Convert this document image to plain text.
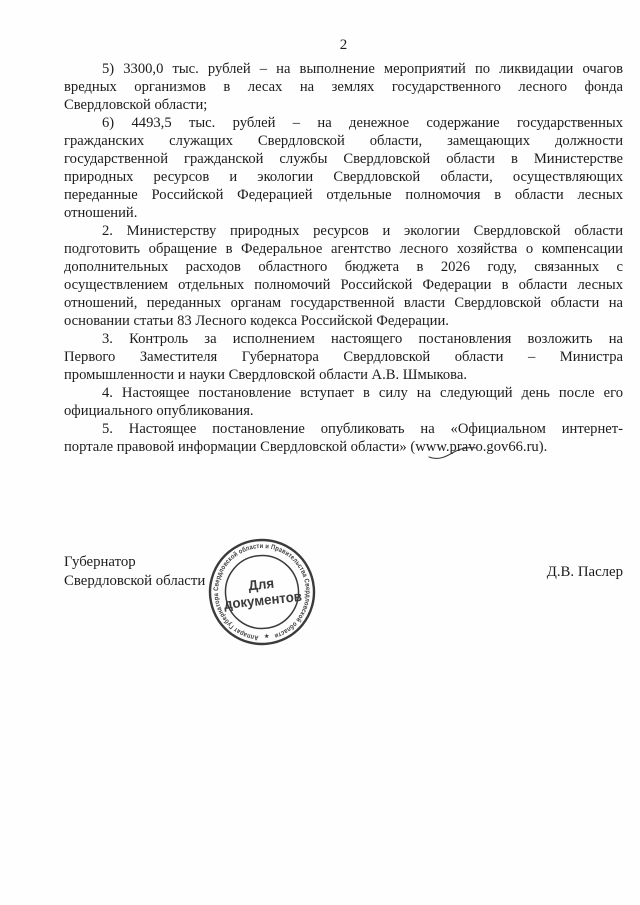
2
5) 3300,0 тыс. рублей – на выполнение мероприятий по ликвидации очагов
вредных организмов в лесах на землях государственного лесного фонда
Свердловской области;
6) 4493,5 тыс. рублей – на денежное содержание государственных
гражданских служащих Свердловской области, замещающих должности
государственной гражданской службы Свердловской области в Министерстве
природных ресурсов и экологии Свердловской области, осуществляющих
переданные Российской Федерацией отдельные полномочия в области лесных
отношений.
2. Министерству природных ресурсов и экологии Свердловской области
подготовить обращение в Федеральное агентство лесного хозяйства о компенсации
дополнительных расходов областного бюджета в 2026 году, связанных с
осуществлением отдельных полномочий Российской Федерации в области лесных
отношений, переданных органам государственной власти Свердловской области на
основании статьи 83 Лесного кодекса Российской Федерации.
3. Контроль за исполнением настоящего постановления возложить на
Первого Заместителя Губернатора Свердловской области – Министра
промышленности и науки Свердловской области А.В. Шмыкова.
4. Настоящее постановление вступает в силу на следующий день после его
официального опубликования.
5. Настоящее постановление опубликовать на «Официальном интернет-
портале правовой информации Свердловской области» (www.pravo.gov66.ru).
Губернатор
Свердловской области
Д.В. Паслер
Аппарат Губернатора Свердловской области и Правительства Свердловской области
★
Для
документов
